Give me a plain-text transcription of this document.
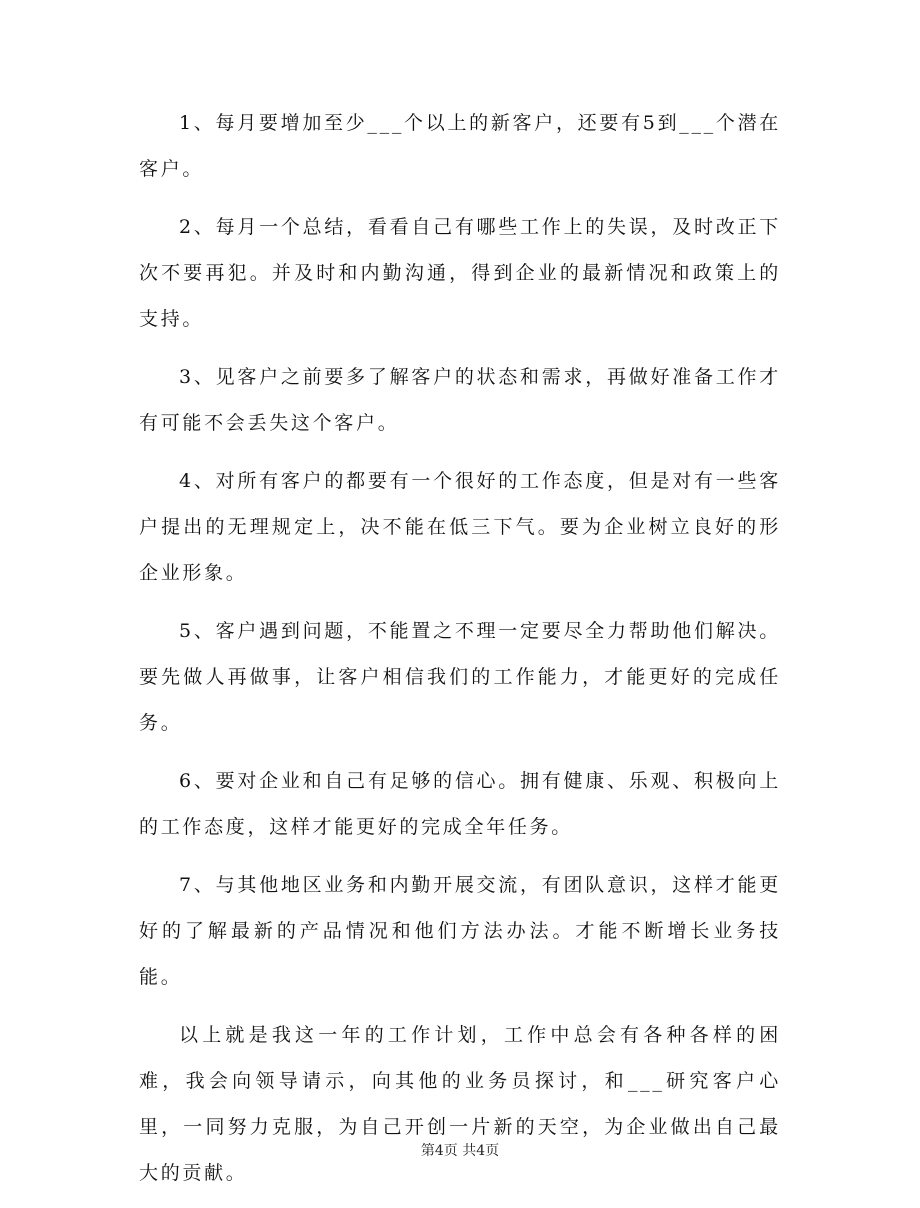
1、每月要增加至少___个以上的新客户，还要有5到___个潜在客户。

2、每月一个总结，看看自己有哪些工作上的失误，及时改正下次不要再犯。并及时和内勤沟通，得到企业的最新情况和政策上的支持。

3、见客户之前要多了解客户的状态和需求，再做好准备工作才有可能不会丢失这个客户。

4、对所有客户的都要有一个很好的工作态度，但是对有一些客户提出的无理规定上，决不能在低三下气。要为企业树立良好的形企业形象。

5、客户遇到问题，不能置之不理一定要尽全力帮助他们解决。要先做人再做事，让客户相信我们的工作能力，才能更好的完成任务。

6、要对企业和自己有足够的信心。拥有健康、乐观、积极向上的工作态度，这样才能更好的完成全年任务。

7、与其他地区业务和内勤开展交流，有团队意识，这样才能更好的了解最新的产品情况和他们方法办法。才能不断增长业务技能。

以上就是我这一年的工作计划，工作中总会有各种各样的困难，我会向领导请示，向其他的业务员探讨，和___研究客户心里，一同努力克服，为自己开创一片新的天空，为企业做出自己最大的贡献。

第4页 共4页
